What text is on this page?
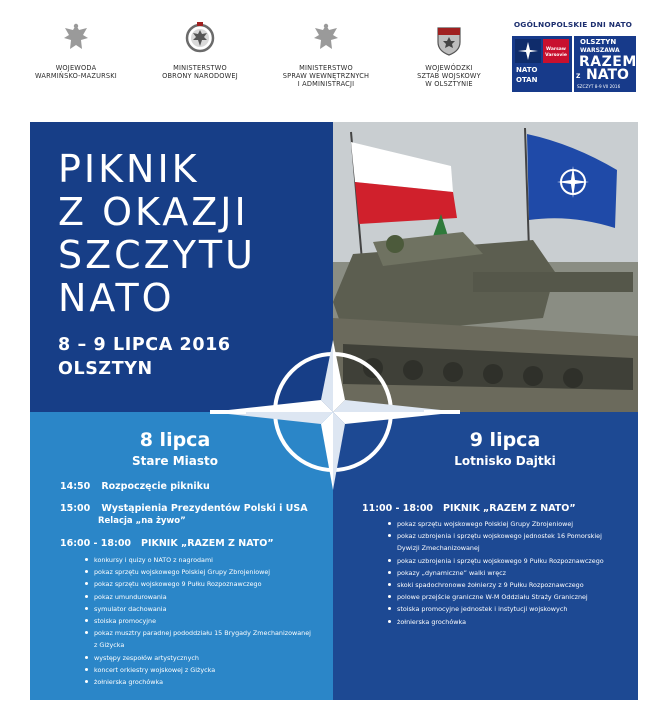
WOJEWODA
WARMIŃSKO-MAZURSKI
MINISTERSTWO
OBRONY NARODOWEJ
MINISTERSTWO
SPRAW WEWNĘTRZNYCH
I ADMINISTRACJI
WOJEWÓDZKI
SZTAB WOJSKOWY
W OLSZTYNIE
OGÓLNOPOLSKIE DNI NATO
Warsaw
Varsovie
NATO
OTAN
OLSZTYN
WARSZAWA
RAZEM
Z NATO
SZCZYT 8-9 VII 2016
PIKNIK
Z OKAZJI
SZCZYTU
NATO
8 – 9 LIPCA 2016
OLSZTYN
8 lipca
Stare Miasto
14:50 Rozpoczęcie pikniku
15:00 Wystąpienia Prezydentów Polski i USA
Relacja „na żywo”
16:00 - 18:00 PIKNIK „RAZEM Z NATO”
konkursy i quizy o NATO z nagrodami
pokaz sprzętu wojskowego Polskiej Grupy Zbrojeniowej
pokaz sprzętu wojskowego 9 Pułku Rozpoznawczego
pokaz umundurowania
symulator dachowania
stoiska promocyjne
pokaz musztry paradnej pododdziału 15 Brygady Zmechanizowanej
z Giżycka
występy zespołów artystycznych
koncert orkiestry wojskowej z Giżycka
żołnierska grochówka
9 lipca
Lotnisko Dajtki
11:00 - 18:00 PIKNIK „RAZEM Z NATO”
pokaz sprzętu wojskowego Polskiej Grupy Zbrojeniowej
pokaz uzbrojenia i sprzętu wojskowego jednostek 16 Pomorskiej
Dywizji Zmechanizowanej
pokaz uzbrojenia i sprzętu wojskowego 9 Pułku Rozpoznawczego
pokazy „dynamiczne” walki wręcz
skoki spadochronowe żołnierzy z 9 Pułku Rozpoznawczego
polowe przejście graniczne W-M Oddziału Straży Granicznej
stoiska promocyjne jednostek i instytucji wojskowych
żołnierska grochówka
